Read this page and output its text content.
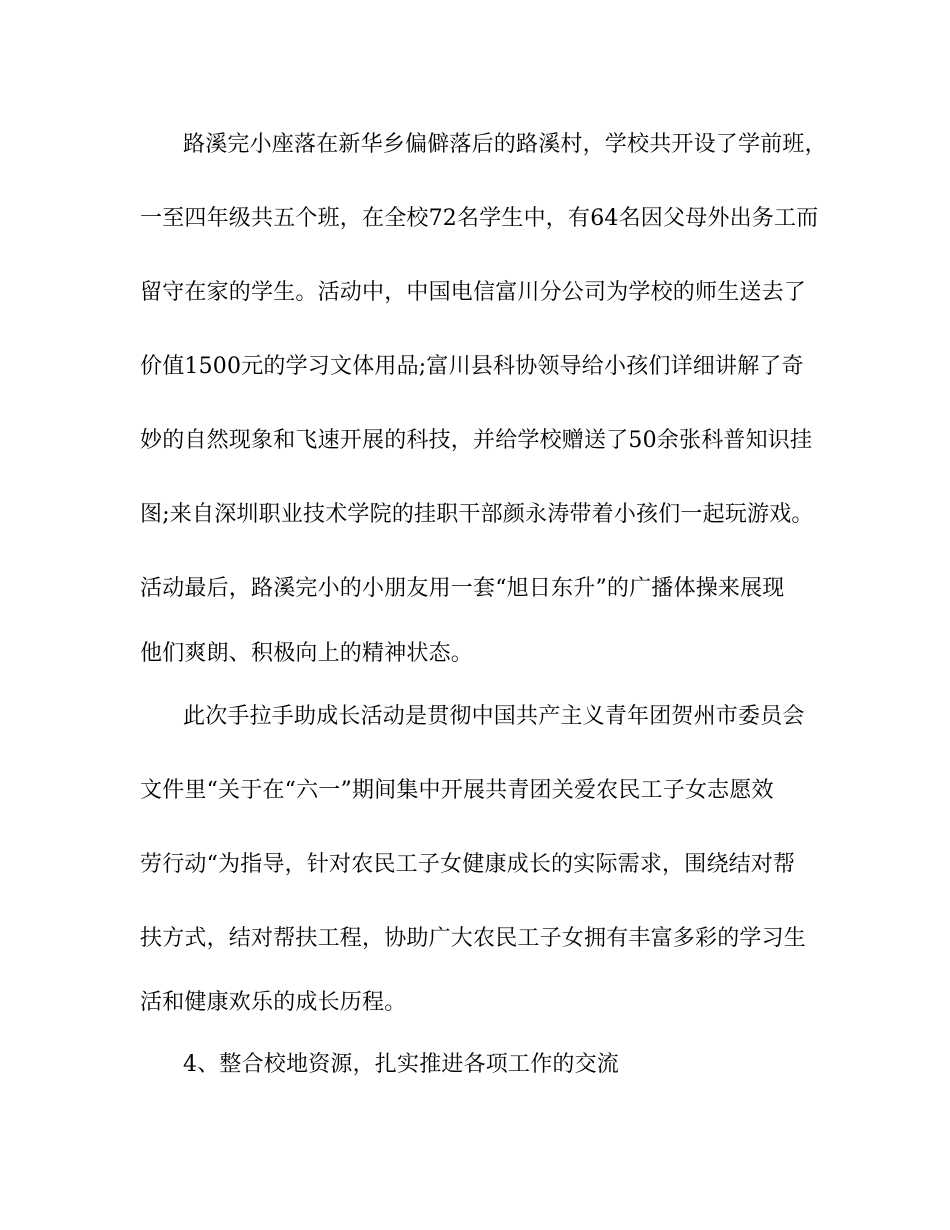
路溪完小座落在新华乡偏僻落后的路溪村，学校共开设了学前班，
一至四年级共五个班，在全校72名学生中，有64名因父母外出务工而
留守在家的学生。活动中，中国电信富川分公司为学校的师生送去了
价值1500元的学习文体用品;富川县科协领导给小孩们详细讲解了奇
妙的自然现象和飞速开展的科技，并给学校赠送了50余张科普知识挂
图;来自深圳职业技术学院的挂职干部颜永涛带着小孩们一起玩游戏。
活动最后，路溪完小的小朋友用一套“旭日东升”的广播体操来展现
他们爽朗、积极向上的精神状态。
此次手拉手助成长活动是贯彻中国共产主义青年团贺州市委员会
文件里“关于在“六一”期间集中开展共青团关爱农民工子女志愿效
劳行动“为指导，针对农民工子女健康成长的实际需求，围绕结对帮
扶方式，结对帮扶工程，协助广大农民工子女拥有丰富多彩的学习生
活和健康欢乐的成长历程。
4、整合校地资源，扎实推进各项工作的交流
